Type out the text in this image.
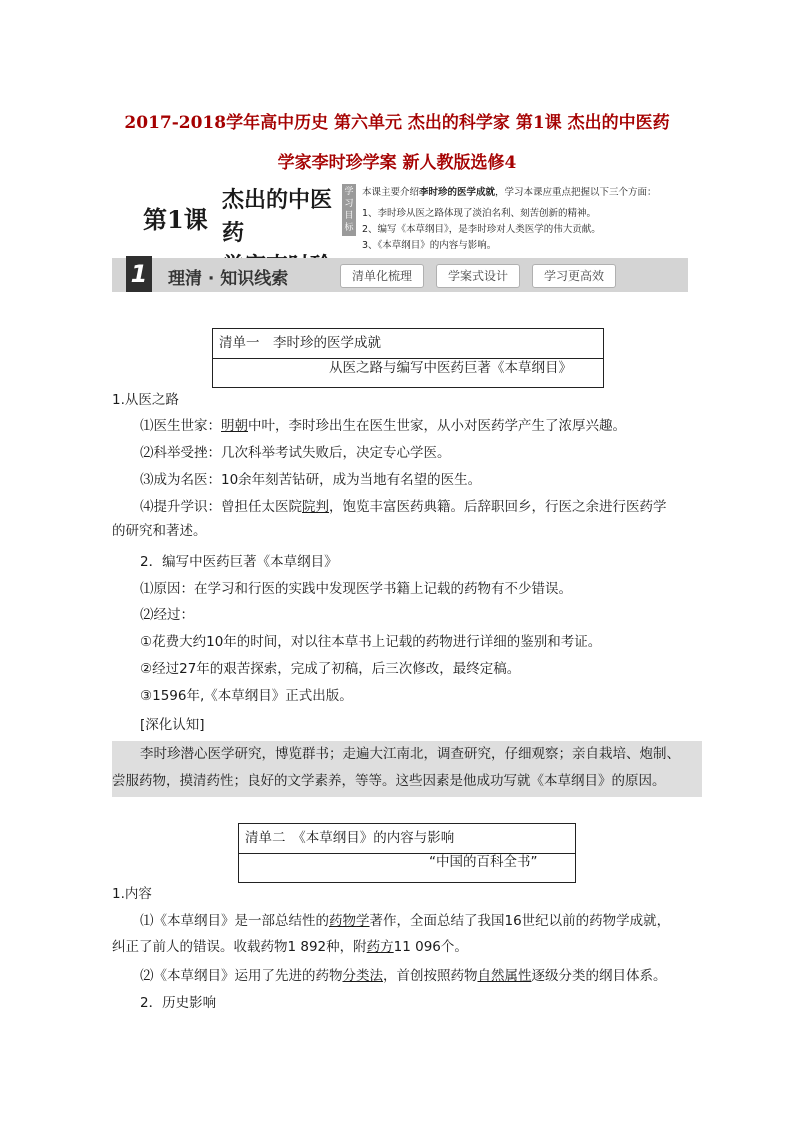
2017-2018学年高中历史 第六单元 杰出的科学家 第1课 杰出的中医药
学家李时珍学案 新人教版选修4
第1课
杰出的中医药
学习目标
本课主要介绍李时珍的医学成就，学习本课应重点把握以下三个方面：
1、李时珍从医之路体现了淡泊名利、刻苦创新的精神。
2、编写《本草纲目》，是李时珍对人类医学的伟大贡献。
3、《本草纲目》的内容与影响。
1 理清 · 知识线索	清单化梳理	学案式设计	学习更高效
清单一　李时珍的医学成就
从医之路与编写中医药巨著《本草纲目》
1.从医之路
⑴医生世家：明朝中叶，李时珍出生在医生世家，从小对医药学产生了浓厚兴趣。
⑵科举受挫：几次科举考试失败后，决定专心学医。
⑶成为名医：10余年刻苦钻研，成为当地有名望的医生。
⑷提升学识：曾担任太医院院判，饱览丰富医药典籍。后辞职回乡，行医之余进行医药学
的研究和著述。
2．编写中医药巨著《本草纲目》
⑴原因：在学习和行医的实践中发现医学书籍上记载的药物有不少错误。
⑵经过：
①花费大约10年的时间，对以往本草书上记载的药物进行详细的鉴别和考证。
②经过27年的艰苦探索，完成了初稿，后三次修改，最终定稿。
③1596年,《本草纲目》正式出版。
[深化认知]
李时珍潜心医学研究，博览群书；走遍大江南北，调查研究，仔细观察；亲自栽培、炮制、
尝服药物，摸清药性；良好的文学素养，等等。这些因素是他成功写就《本草纲目》的原因。
清单二　《本草纲目》的内容与影响
“中国的百科全书”
1.内容
⑴《本草纲目》是一部总结性的药物学著作，全面总结了我国16世纪以前的药物学成就，
纠正了前人的错误。收载药物1 892种，附药方11 096个。
⑵《本草纲目》运用了先进的药物分类法，首创按照药物自然属性逐级分类的纲目体系。
2．历史影响
